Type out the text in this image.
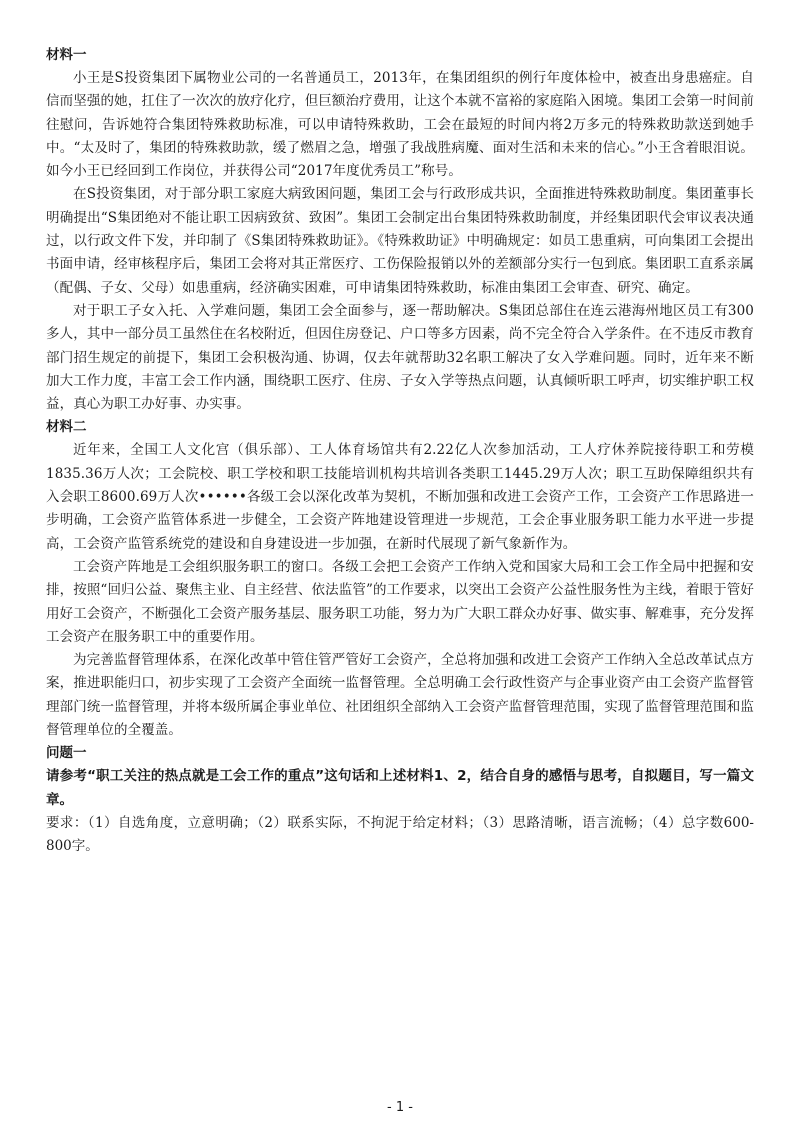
材料一

小王是S投资集团下属物业公司的一名普通员工，2013年，在集团组织的例行年度体检中，被查出身患癌症。自信而坚强的她，扛住了一次次的放疗化疗，但巨额治疗费用，让这个本就不富裕的家庭陷入困境。集团工会第一时间前往慰问，告诉她符合集团特殊救助标准，可以申请特殊救助，工会在最短的时间内将2万多元的特殊救助款送到她手中。“太及时了，集团的特殊救助款，缓了燃眉之急，增强了我战胜病魔、面对生活和未来的信心。”小王含着眼泪说。如今小王已经回到工作岗位，并获得公司“2017年度优秀员工”称号。

在S投资集团，对于部分职工家庭大病致困问题，集团工会与行政形成共识，全面推进特殊救助制度。集团董事长明确提出“S集团绝对不能让职工因病致贫、致困”。集团工会制定出台集团特殊救助制度，并经集团职代会审议表决通过，以行政文件下发，并印制了《S集团特殊救助证》。《特殊救助证》中明确规定：如员工患重病，可向集团工会提出书面申请，经审核程序后，集团工会将对其正常医疗、工伤保险报销以外的差额部分实行一包到底。集团职工直系亲属（配偶、子女、父母）如患重病，经济确实困难，可申请集团特殊救助，标准由集团工会审查、研究、确定。

对于职工子女入托、入学难问题，集团工会全面参与，逐一帮助解决。S集团总部住在连云港海州地区员工有300多人，其中一部分员工虽然住在名校附近，但因住房登记、户口等多方因素，尚不完全符合入学条件。在不违反市教育部门招生规定的前提下，集团工会积极沟通、协调，仅去年就帮助32名职工解决了女入学难问题。同时，近年来不断加大工作力度，丰富工会工作内涵，围绕职工医疗、住房、子女入学等热点问题，认真倾听职工呼声，切实维护职工权益，真心为职工办好事、办实事。

材料二

近年来，全国工人文化宫（俱乐部）、工人体育场馆共有2.22亿人次参加活动，工人疗休养院接待职工和劳模1835.36万人次；工会院校、职工学校和职工技能培训机构共培训各类职工1445.29万人次；职工互助保障组织共有入会职工8600.69万人次••••••各级工会以深化改革为契机，不断加强和改进工会资产工作，工会资产工作思路进一步明确，工会资产监管体系进一步健全，工会资产阵地建设管理进一步规范，工会企事业服务职工能力水平进一步提高，工会资产监管系统党的建设和自身建设进一步加强，在新时代展现了新气象新作为。

工会资产阵地是工会组织服务职工的窗口。各级工会把工会资产工作纳入党和国家大局和工会工作全局中把握和安排，按照“回归公益、聚焦主业、自主经营、依法监管”的工作要求，以突出工会资产公益性服务性为主线，着眼于管好用好工会资产，不断强化工会资产服务基层、服务职工功能，努力为广大职工群众办好事、做实事、解难事，充分发挥工会资产在服务职工中的重要作用。

为完善监督管理体系，在深化改革中管住管严管好工会资产，全总将加强和改进工会资产工作纳入全总改革试点方案，推进职能归口，初步实现了工会资产全面统一监督管理。全总明确工会行政性资产与企事业资产由工会资产监督管理部门统一监督管理，并将本级所属企事业单位、社团组织全部纳入工会资产监督管理范围，实现了监督管理范围和监督管理单位的全覆盖。

问题一

请参考“职工关注的热点就是工会工作的重点”这句话和上述材料1、2，结合自身的感悟与思考，自拟题目，写一篇文章。

要求：（1）自选角度，立意明确；（2）联系实际，不拘泥于给定材料；（3）思路清晰，语言流畅；（4）总字数600-800字。

- 1 -
